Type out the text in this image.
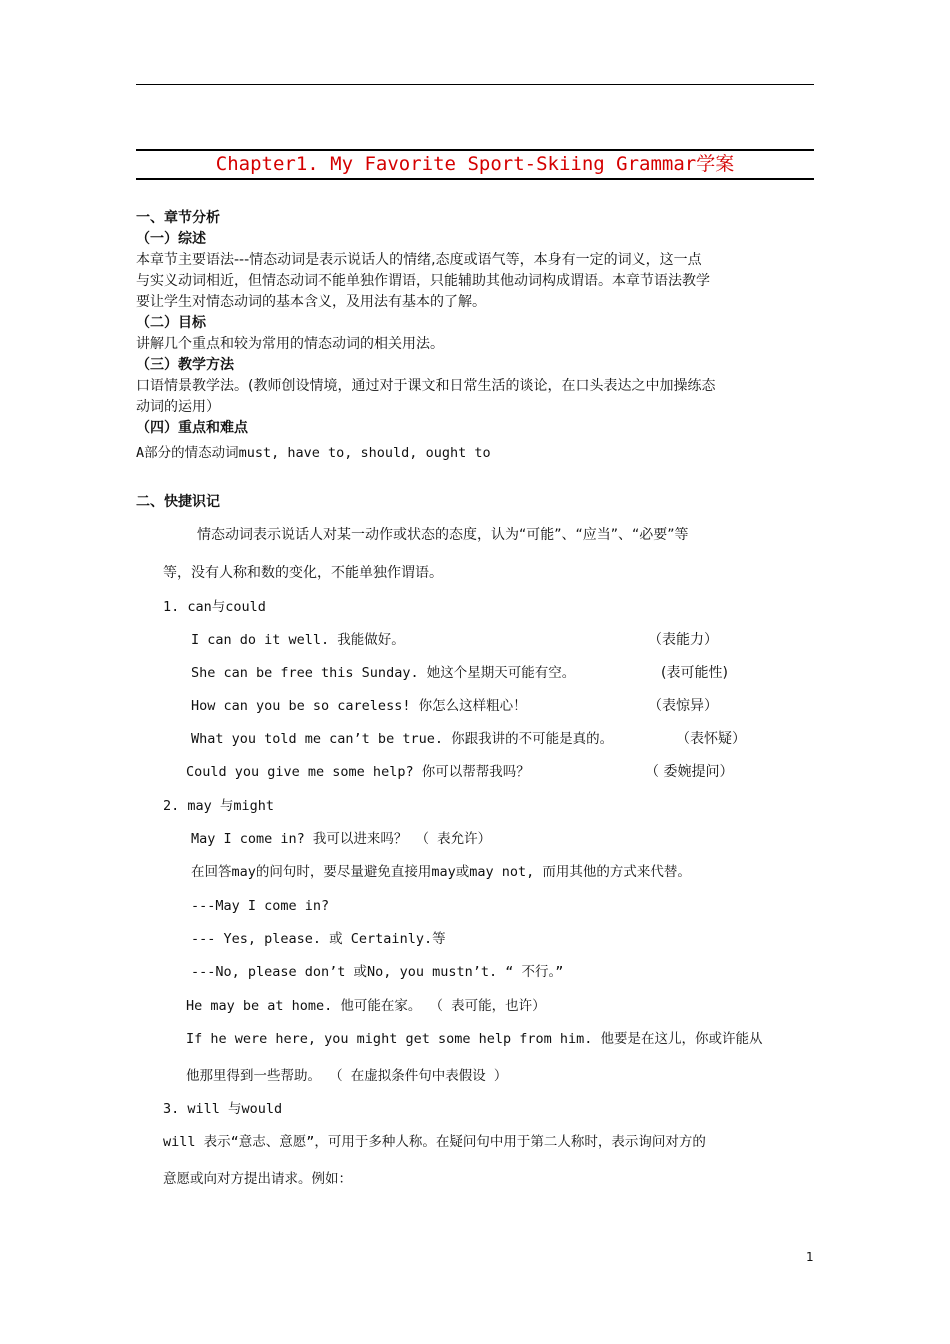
Chapter1. My Favorite Sport-Skiing Grammar学案
一、章节分析
（一）综述
本章节主要语法---情态动词是表示说话人的情绪,态度或语气等，本身有一定的词义，这一点
与实义动词相近，但情态动词不能单独作谓语，只能辅助其他动词构成谓语。本章节语法教学
要让学生对情态动词的基本含义，及用法有基本的了解。
（二）目标
讲解几个重点和较为常用的情态动词的相关用法。
（三）教学方法
口语情景教学法。(教师创设情境，通过对于课文和日常生活的谈论，在口头表达之中加操练态
动词的运用）
（四）重点和难点
A部分的情态动词must, have to, should, ought to
二、快捷识记
情态动词表示说话人对某一动作或状态的态度，认为“可能”、“应当”、“必要”等
等，没有人称和数的变化，不能单独作谓语。
1. can与could
I can do it well. 我能做好。	（表能力）
She can be free this Sunday. 她这个星期天可能有空。	(表可能性)
How can you be so careless! 你怎么这样粗心！	（表惊异）
What you told me can’t be true. 你跟我讲的不可能是真的。	（表怀疑）
Could you give me some help? 你可以帮帮我吗？	（ 委婉提问）
2. may 与might
May I come in? 我可以进来吗？ （ 表允许）
在回答may的问句时，要尽量避免直接用may或may not, 而用其他的方式来代替。
---May I come in?
--- Yes, please. 或 Certainly.等
---No, please don’t 或No, you mustn’t. “ 不行。”
He may be at home. 他可能在家。 （ 表可能，也许）
If he were here, you might get some help from him. 他要是在这儿，你或许能从
他那里得到一些帮助。 （ 在虚拟条件句中表假设 ）
3. will 与would
will 表示“意志、意愿”，可用于多种人称。在疑问句中用于第二人称时，表示询问对方的
意愿或向对方提出请求。例如：
1
